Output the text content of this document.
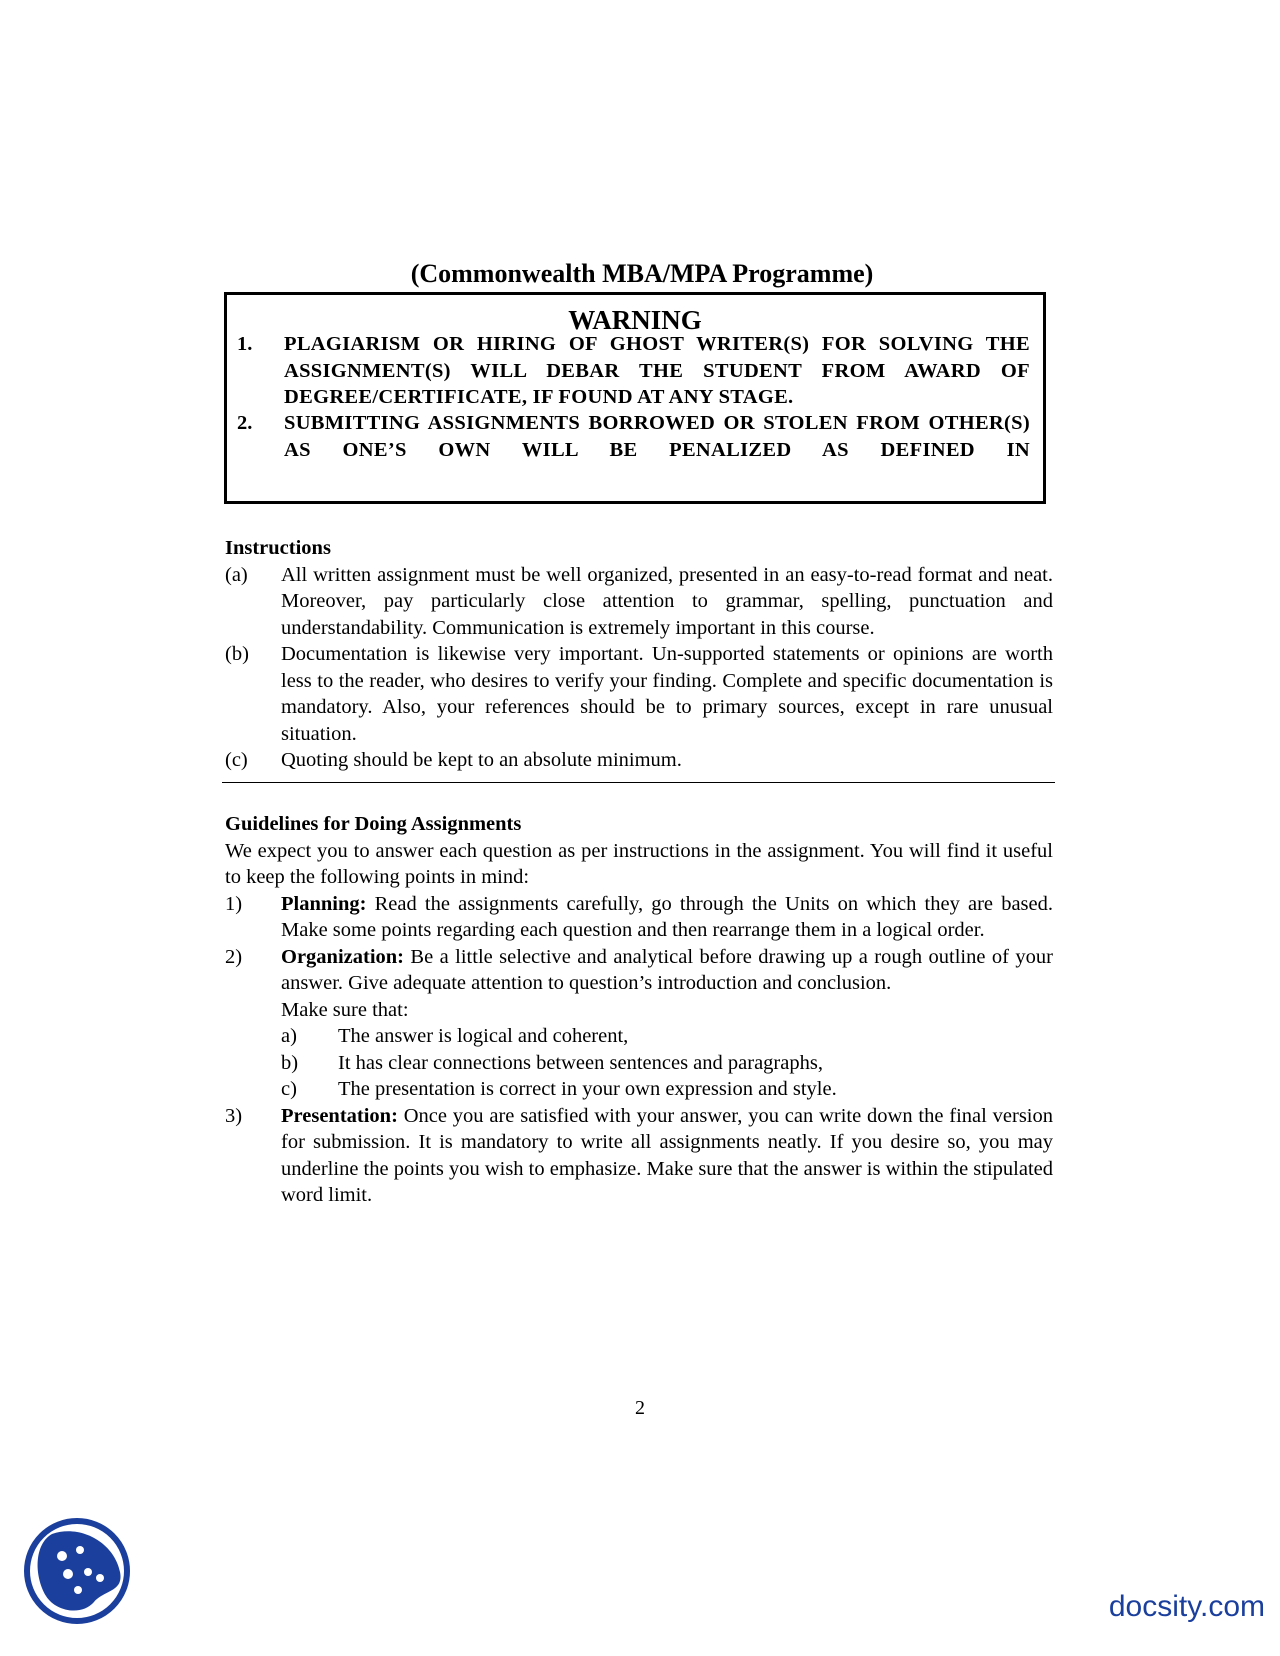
(Commonwealth MBA/MPA Programme)
WARNING
1. PLAGIARISM OR HIRING OF GHOST WRITER(S) FOR SOLVING THE ASSIGNMENT(S) WILL DEBAR THE STUDENT FROM AWARD OF DEGREE/CERTIFICATE, IF FOUND AT ANY STAGE.
2. SUBMITTING ASSIGNMENTS BORROWED OR STOLEN FROM OTHER(S) AS ONE’S OWN WILL BE PENALIZED AS DEFINED IN
Instructions
(a) All written assignment must be well organized, presented in an easy-to-read format and neat. Moreover, pay particularly close attention to grammar, spelling, punctuation and understandability. Communication is extremely important in this course.
(b) Documentation is likewise very important. Un-supported statements or opinions are worth less to the reader, who desires to verify your finding. Complete and specific documentation is mandatory. Also, your references should be to primary sources, except in rare unusual situation.
(c) Quoting should be kept to an absolute minimum.
Guidelines for Doing Assignments
We expect you to answer each question as per instructions in the assignment. You will find it useful to keep the following points in mind:
1) Planning: Read the assignments carefully, go through the Units on which they are based. Make some points regarding each question and then rearrange them in a logical order.
2) Organization: Be a little selective and analytical before drawing up a rough outline of your answer. Give adequate attention to question’s introduction and conclusion.
Make sure that:
a) The answer is logical and coherent,
b) It has clear connections between sentences and paragraphs,
c) The presentation is correct in your own expression and style.
3) Presentation: Once you are satisfied with your answer, you can write down the final version for submission. It is mandatory to write all assignments neatly. If you desire so, you may underline the points you wish to emphasize. Make sure that the answer is within the stipulated word limit.
2
docsity.com
